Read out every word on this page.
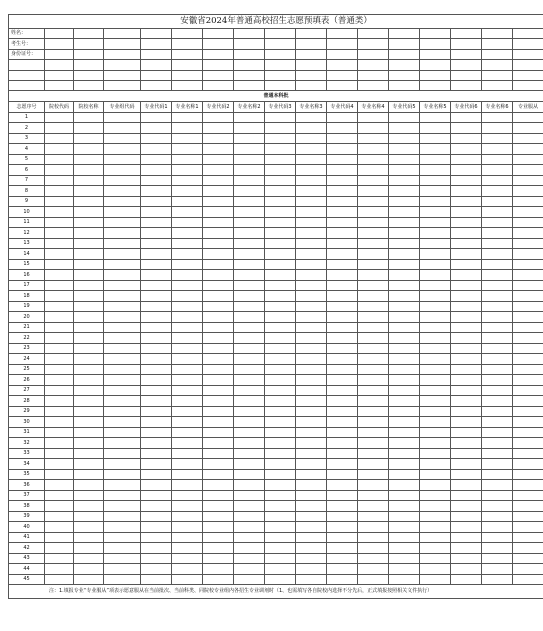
安徽省2024年普通高校招生志愿预填表（普通类）																
姓名：																
考生号：																
身份证号：																

普通本科批																
志愿序号	院校代码	院校名称	专业组代码	专业代码1	专业名称1	专业代码2	专业名称2	专业代码3	专业名称3	专业代码4	专业名称4	专业代码5	专业名称5	专业代码6	专业名称6	专业服从
1																
2																
3																
4																
5																
6																
7																
8																
9																
10																
11																
12																
13																
14																
15																
16																
17																
18																
19																
20																
21																
22																
23																
24																
25																
26																
27																
28																
29																
30																
31																
32																
33																
34																
35																
36																
37																
38																
39																
40																
41																
42																
43																
44																
45																
注：1.填报专业“专业服从”项表示愿意服从在当前批次、当前科类、同院校专业组内各招生专业调剂时（1、也需填写各自院校内选择不分先后，正式填报按照相关文件执行）																
